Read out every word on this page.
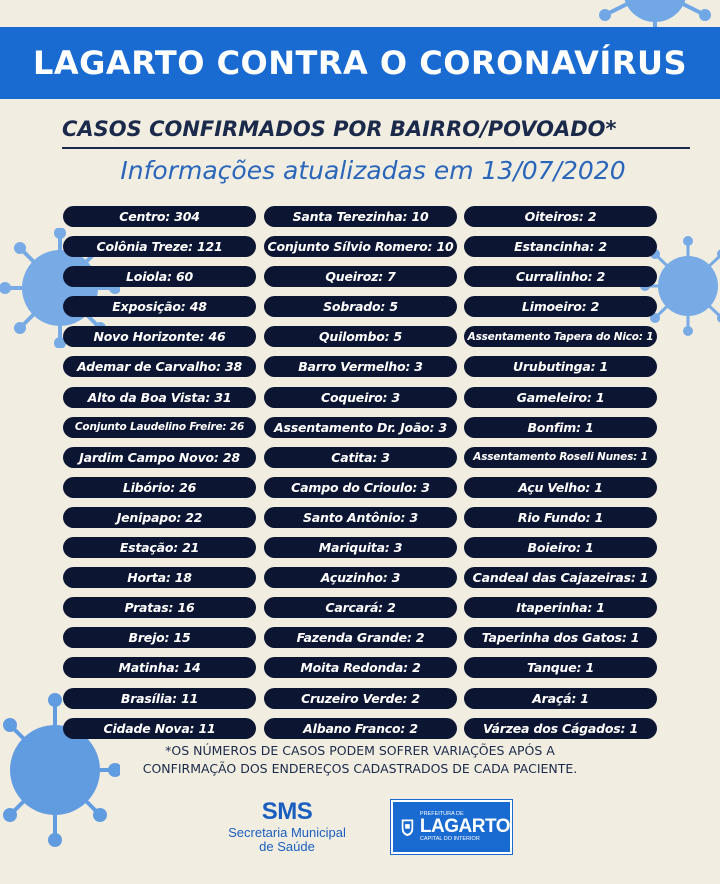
LAGARTO CONTRA O CORONAVÍRUS
CASOS CONFIRMADOS POR BAIRRO/POVOADO*
Informações atualizadas em 13/07/2020
Centro: 304
Colônia Treze: 121
Loiola: 60
Exposição: 48
Novo Horizonte: 46
Ademar de Carvalho: 38
Alto da Boa Vista: 31
Conjunto Laudelino Freire: 26
Jardim Campo Novo: 28
Libório: 26
Jenipapo: 22
Estação: 21
Horta: 18
Pratas: 16
Brejo: 15
Matinha: 14
Brasília: 11
Cidade Nova: 11
Santa Terezinha: 10
Conjunto Sílvio Romero: 10
Queiroz: 7
Sobrado: 5
Quilombo: 5
Barro Vermelho: 3
Coqueiro: 3
Assentamento Dr. João: 3
Catita: 3
Campo do Crioulo: 3
Santo Antônio: 3
Mariquita: 3
Açuzinho: 3
Carcará: 2
Fazenda Grande: 2
Moita Redonda: 2
Cruzeiro Verde: 2
Albano Franco: 2
Oiteiros: 2
Estancinha: 2
Curralinho: 2
Limoeiro: 2
Assentamento Tapera do Nico: 1
Urubutinga: 1
Gameleiro: 1
Bonfim: 1
Assentamento Roseli Nunes: 1
Açu Velho: 1
Rio Fundo: 1
Boieiro: 1
Candeal das Cajazeiras: 1
Itaperinha: 1
Taperinha dos Gatos: 1
Tanque: 1
Araçá: 1
Várzea dos Cágados: 1
*OS NÚMEROS DE CASOS PODEM SOFRER VARIAÇÕES APÓS A
CONFIRMAÇÃO DOS ENDEREÇOS CADASTRADOS DE CADA PACIENTE.
SMS
Secretaria Municipal
de Saúde
PREFEITURA DE
LAGARTO
CAPITAL DO INTERIOR
